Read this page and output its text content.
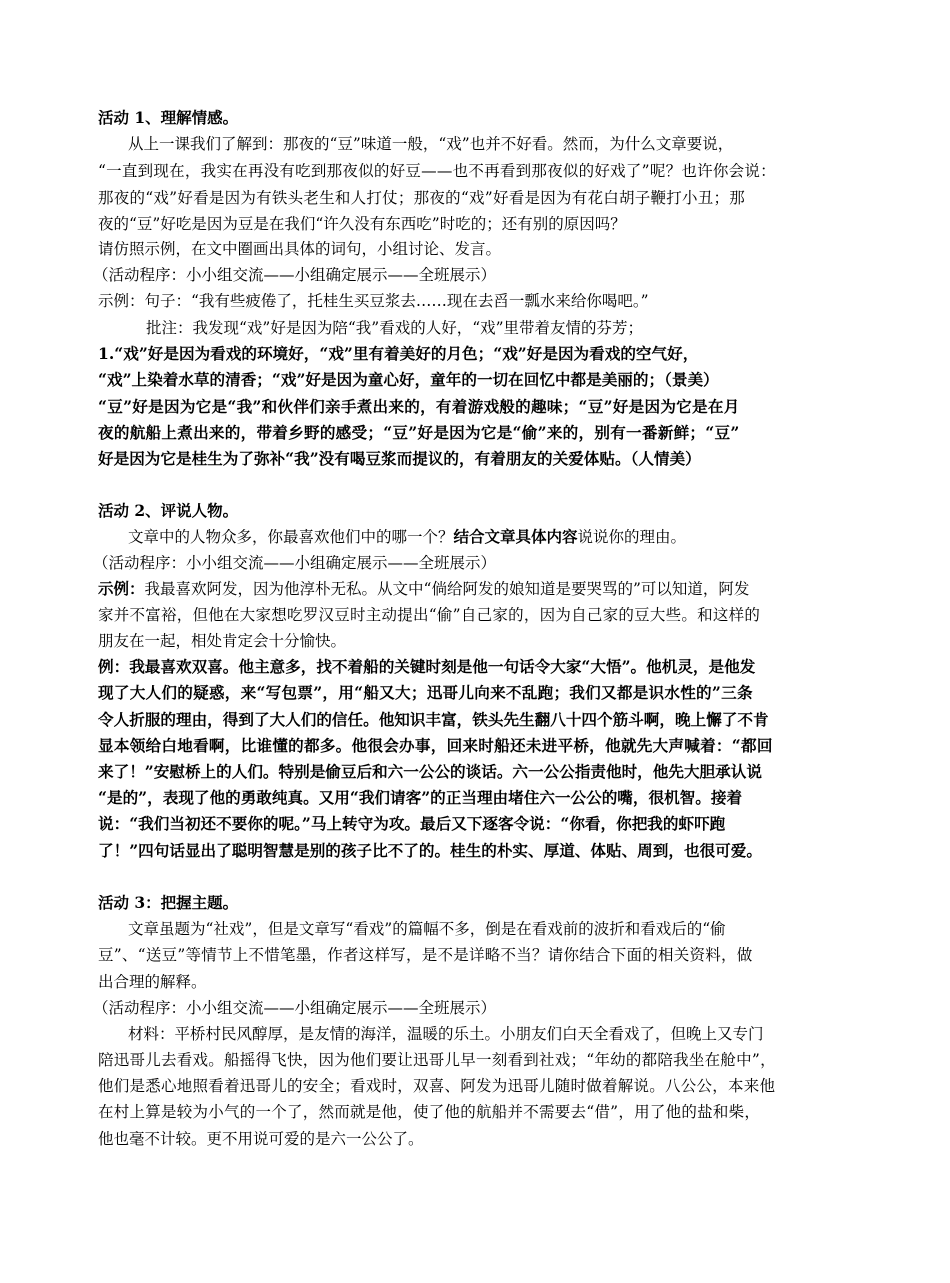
活动 1、理解情感。
从上一课我们了解到：那夜的“豆”味道一般，“戏”也并不好看。然而，为什么文章要说，
“一直到现在，我实在再没有吃到那夜似的好豆——也不再看到那夜似的好戏了”呢？也许你会说：
那夜的“戏”好看是因为有铁头老生和人打仗；那夜的“戏”好看是因为有花白胡子鞭打小丑；那
夜的“豆”好吃是因为豆是在我们“许久没有东西吃”时吃的；还有别的原因吗？
请仿照示例，在文中圈画出具体的词句，小组讨论、发言。
（活动程序：小小组交流——小组确定展示——全班展示）
示例：句子：“我有些疲倦了，托桂生买豆浆去……现在去舀一瓢水来给你喝吧。”
批注：我发现“戏”好是因为陪“我”看戏的人好，“戏”里带着友情的芬芳；
1.“戏”好是因为看戏的环境好，“戏”里有着美好的月色；“戏”好是因为看戏的空气好，
“戏”上染着水草的清香；“戏”好是因为童心好，童年的一切在回忆中都是美丽的；（景美）
“豆”好是因为它是“我”和伙伴们亲手煮出来的，有着游戏般的趣味；“豆”好是因为它是在月
夜的航船上煮出来的，带着乡野的感受；“豆”好是因为它是“偷”来的，别有一番新鲜；“豆”
好是因为它是桂生为了弥补“我”没有喝豆浆而提议的，有着朋友的关爱体贴。（人情美）
活动 2、评说人物。
文章中的人物众多，你最喜欢他们中的哪一个？结合文章具体内容说说你的理由。
（活动程序：小小组交流——小组确定展示——全班展示）
示例：我最喜欢阿发，因为他淳朴无私。从文中“倘给阿发的娘知道是要哭骂的”可以知道，阿发
家并不富裕，但他在大家想吃罗汉豆时主动提出“偷”自己家的，因为自己家的豆大些。和这样的
朋友在一起，相处肯定会十分愉快。
例：我最喜欢双喜。他主意多，找不着船的关键时刻是他一句话令大家“大悟”。他机灵，是他发
现了大人们的疑惑，来“写包票”，用“船又大；迅哥儿向来不乱跑；我们又都是识水性的”三条
令人折服的理由，得到了大人们的信任。他知识丰富，铁头先生翻八十四个筋斗啊，晚上懈了不肯
显本领给白地看啊，比谁懂的都多。他很会办事，回来时船还未进平桥，他就先大声喊着：“都回
来了！”安慰桥上的人们。特别是偷豆后和六一公公的谈话。六一公公指责他时，他先大胆承认说
“是的”，表现了他的勇敢纯真。又用“我们请客”的正当理由堵住六一公公的嘴，很机智。接着
说：“我们当初还不要你的呢。”马上转守为攻。最后又下逐客令说：“你看，你把我的虾吓跑
了！”四句话显出了聪明智慧是别的孩子比不了的。桂生的朴实、厚道、体贴、周到，也很可爱。
活动 3：把握主题。
文章虽题为“社戏”，但是文章写“看戏”的篇幅不多，倒是在看戏前的波折和看戏后的“偷
豆”、“送豆”等情节上不惜笔墨，作者这样写，是不是详略不当？请你结合下面的相关资料，做
出合理的解释。
（活动程序：小小组交流——小组确定展示——全班展示）
材料：平桥村民风醇厚，是友情的海洋，温暖的乐土。小朋友们白天全看戏了，但晚上又专门
陪迅哥儿去看戏。船摇得飞快，因为他们要让迅哥儿早一刻看到社戏；“年幼的都陪我坐在舱中”，
他们是悉心地照看着迅哥儿的安全；看戏时，双喜、阿发为迅哥儿随时做着解说。八公公，本来他
在村上算是较为小气的一个了，然而就是他，使了他的航船并不需要去“借”，用了他的盐和柴，
他也毫不计较。更不用说可爱的是六一公公了。
